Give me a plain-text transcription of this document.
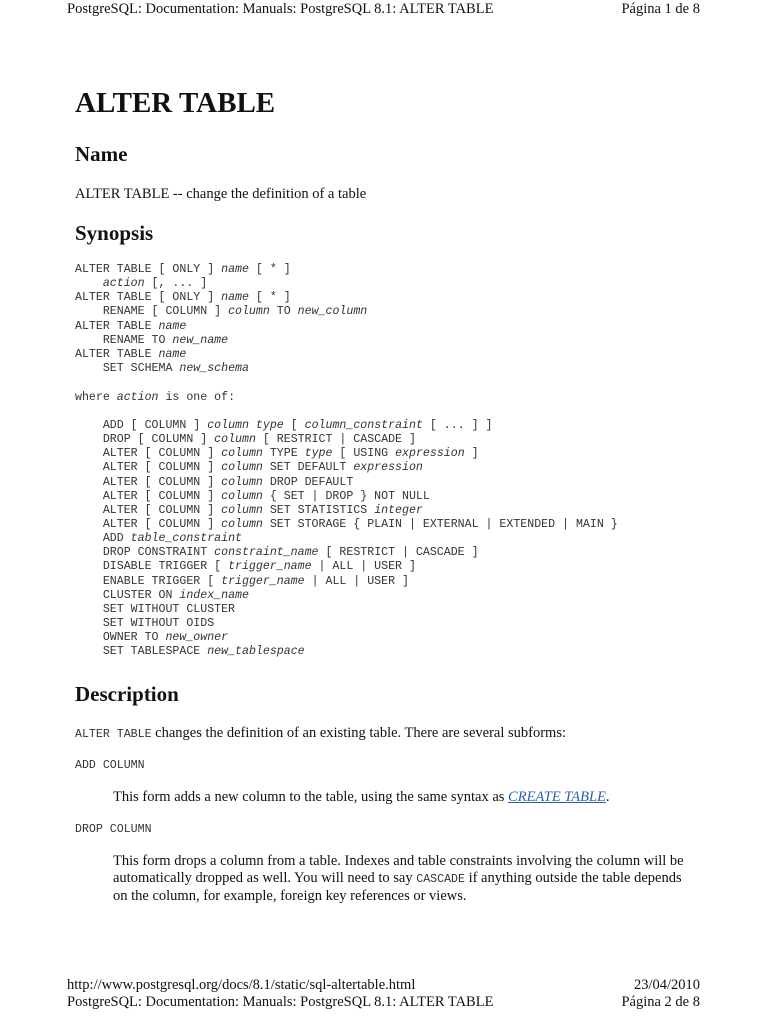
PostgreSQL: Documentation: Manuals: PostgreSQL 8.1: ALTER TABLE	Página 1 de 8
ALTER TABLE
Name
ALTER TABLE -- change the definition of a table
Synopsis
ALTER TABLE [ ONLY ] name [ * ]
action [, ... ]
ALTER TABLE [ ONLY ] name [ * ]
RENAME [ COLUMN ] column TO new_column
ALTER TABLE name
RENAME TO new_name
ALTER TABLE name
SET SCHEMA new_schema
where action is one of:
ADD [ COLUMN ] column type [ column_constraint [ ... ] ]
DROP [ COLUMN ] column [ RESTRICT | CASCADE ]
ALTER [ COLUMN ] column TYPE type [ USING expression ]
ALTER [ COLUMN ] column SET DEFAULT expression
ALTER [ COLUMN ] column DROP DEFAULT
ALTER [ COLUMN ] column { SET | DROP } NOT NULL
ALTER [ COLUMN ] column SET STATISTICS integer
ALTER [ COLUMN ] column SET STORAGE { PLAIN | EXTERNAL | EXTENDED | MAIN }
ADD table_constraint
DROP CONSTRAINT constraint_name [ RESTRICT | CASCADE ]
DISABLE TRIGGER [ trigger_name | ALL | USER ]
ENABLE TRIGGER [ trigger_name | ALL | USER ]
CLUSTER ON index_name
SET WITHOUT CLUSTER
SET WITHOUT OIDS
OWNER TO new_owner
SET TABLESPACE new_tablespace
Description
ALTER TABLE changes the definition of an existing table. There are several subforms:
ADD COLUMN
This form adds a new column to the table, using the same syntax as CREATE TABLE.
DROP COLUMN
This form drops a column from a table. Indexes and table constraints involving the column will be automatically dropped as well. You will need to say CASCADE if anything outside the table depends on the column, for example, foreign key references or views.
http://www.postgresql.org/docs/8.1/static/sql-altertable.html	23/04/2010
PostgreSQL: Documentation: Manuals: PostgreSQL 8.1: ALTER TABLE	Página 2 de 8
